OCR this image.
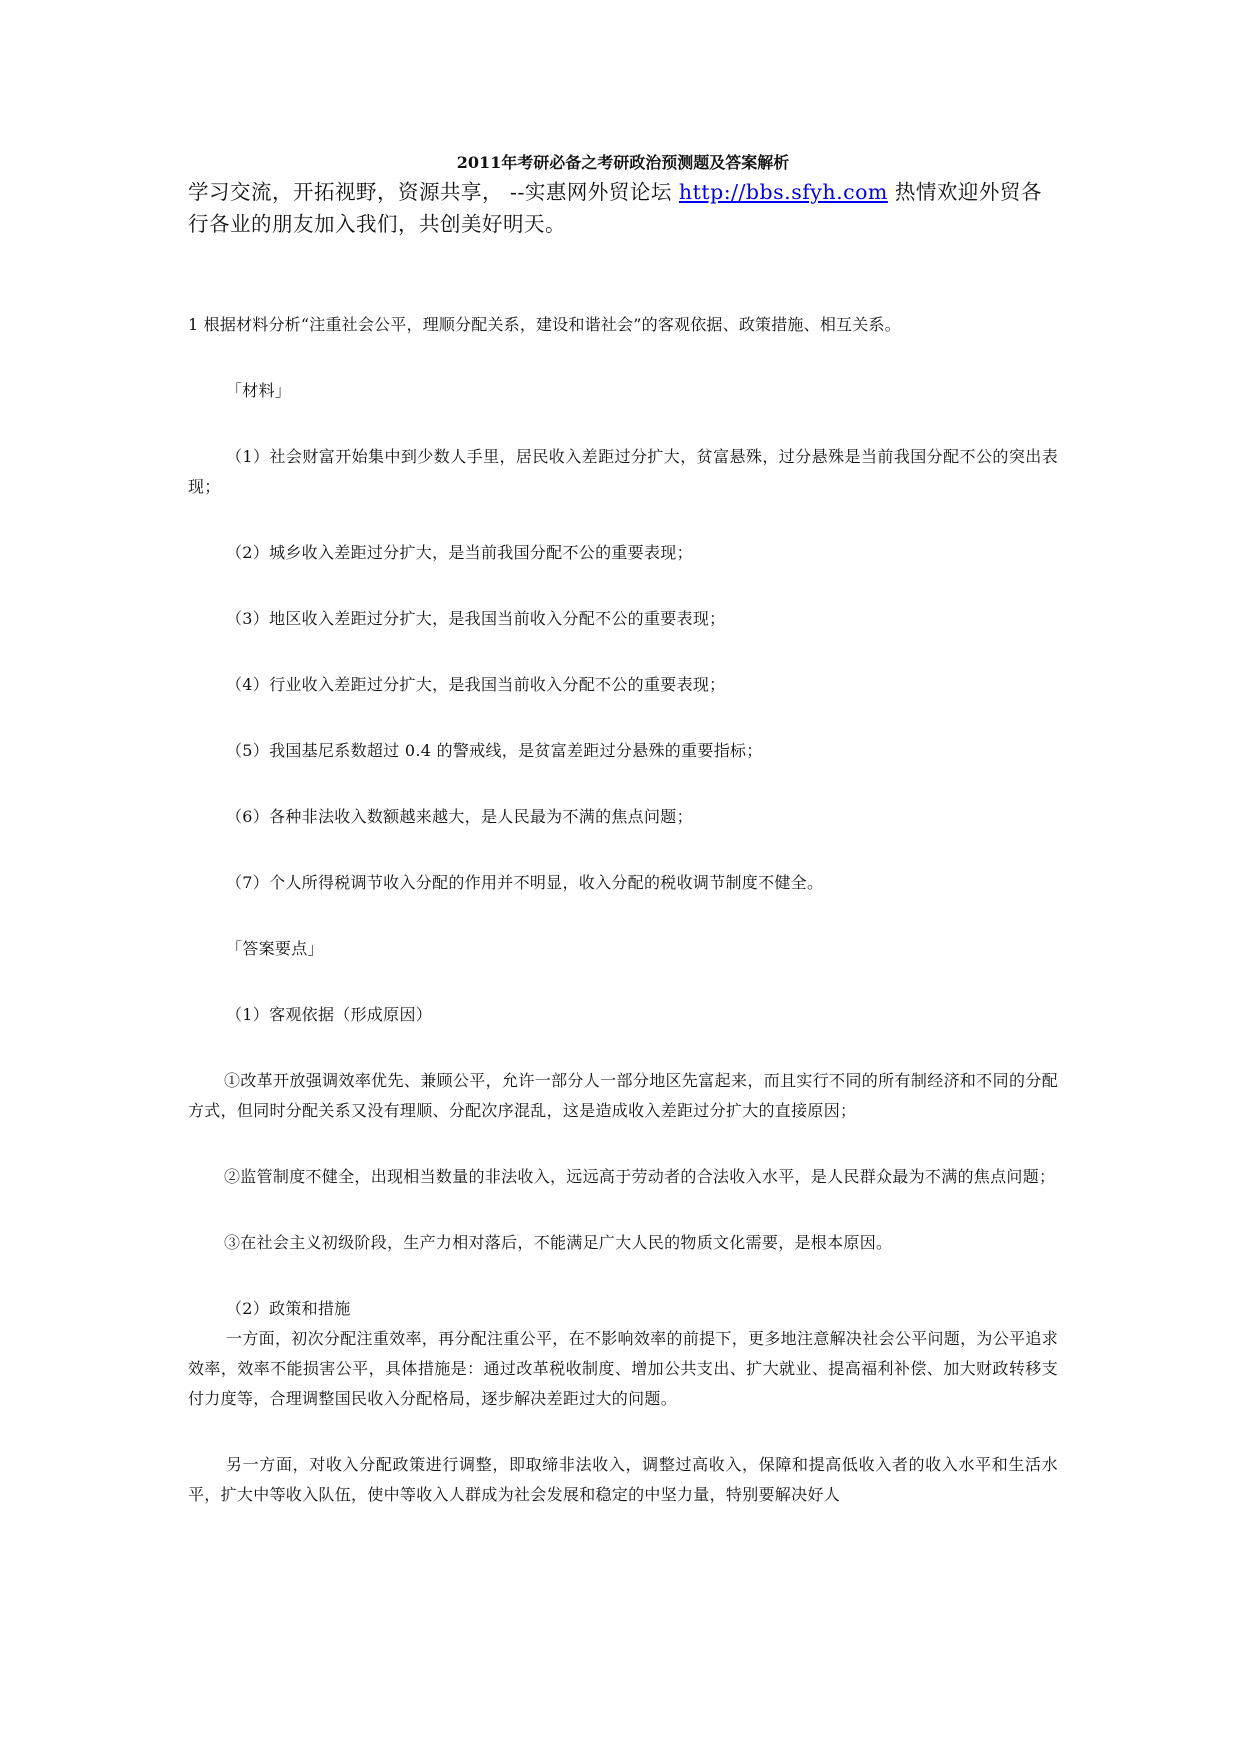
2011年考研必备之考研政治预测题及答案解析

学习交流，开拓视野，资源共享， --实惠网外贸论坛 http://bbs.sfyh.com 热情欢迎外贸各行各业的朋友加入我们，共创美好明天。

1 根据材料分析“注重社会公平，理顺分配关系，建设和谐社会”的客观依据、政策措施、相互关系。

「材料」

（1）社会财富开始集中到少数人手里，居民收入差距过分扩大，贫富悬殊，过分悬殊是当前我国分配不公的突出表现；

（2）城乡收入差距过分扩大，是当前我国分配不公的重要表现；

（3）地区收入差距过分扩大，是我国当前收入分配不公的重要表现；

（4）行业收入差距过分扩大，是我国当前收入分配不公的重要表现；

（5）我国基尼系数超过 0.4 的警戒线，是贫富差距过分悬殊的重要指标；

（6）各种非法收入数额越来越大，是人民最为不满的焦点问题；

（7）个人所得税调节收入分配的作用并不明显，收入分配的税收调节制度不健全。

「答案要点」

（1）客观依据（形成原因）

①改革开放强调效率优先、兼顾公平，允许一部分人一部分地区先富起来，而且实行不同的所有制经济和不同的分配方式，但同时分配关系又没有理顺、分配次序混乱，这是造成收入差距过分扩大的直接原因；

②监管制度不健全，出现相当数量的非法收入，远远高于劳动者的合法收入水平，是人民群众最为不满的焦点问题；

③在社会主义初级阶段，生产力相对落后，不能满足广大人民的物质文化需要，是根本原因。

（2）政策和措施

一方面，初次分配注重效率，再分配注重公平，在不影响效率的前提下，更多地注意解决社会公平问题，为公平追求效率，效率不能损害公平，具体措施是：通过改革税收制度、增加公共支出、扩大就业、提高福利补偿、加大财政转移支付力度等，合理调整国民收入分配格局，逐步解决差距过大的问题。

另一方面，对收入分配政策进行调整，即取缔非法收入，调整过高收入，保障和提高低收入者的收入水平和生活水平，扩大中等收入队伍，使中等收入人群成为社会发展和稳定的中坚力量，特别要解决好人
